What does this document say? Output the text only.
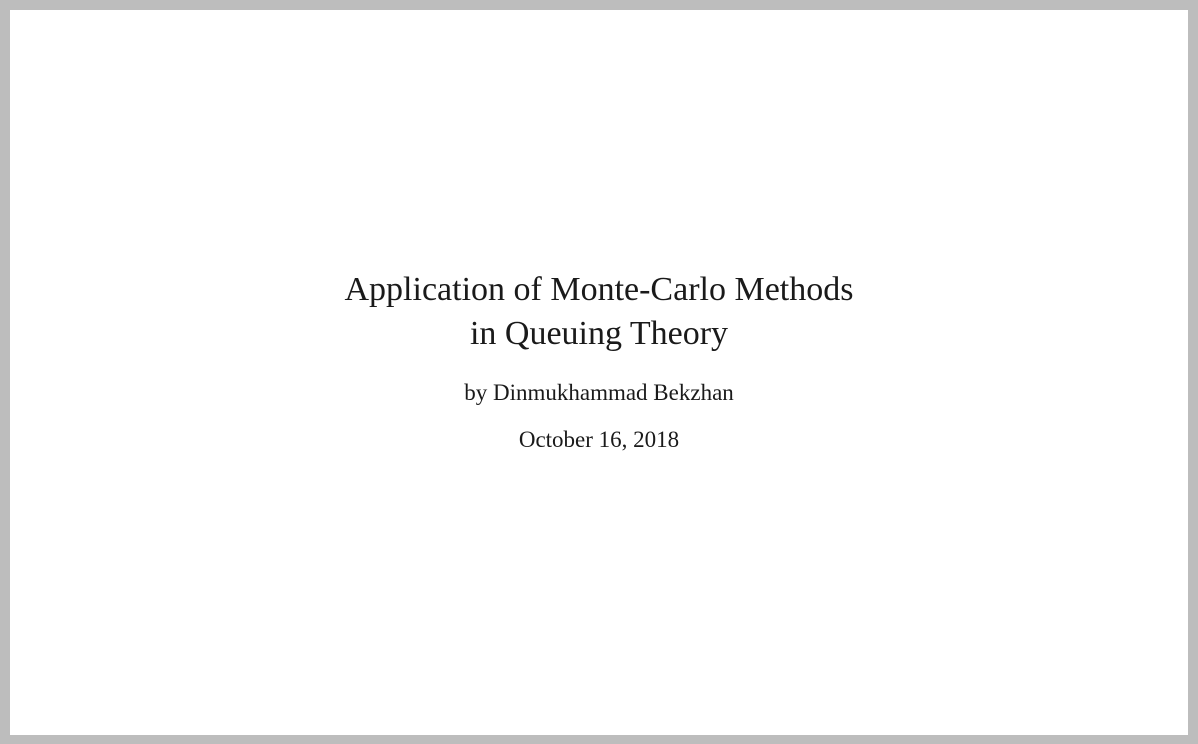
Application of Monte-Carlo Methods
in Queuing Theory
by Dinmukhammad Bekzhan
October 16, 2018
